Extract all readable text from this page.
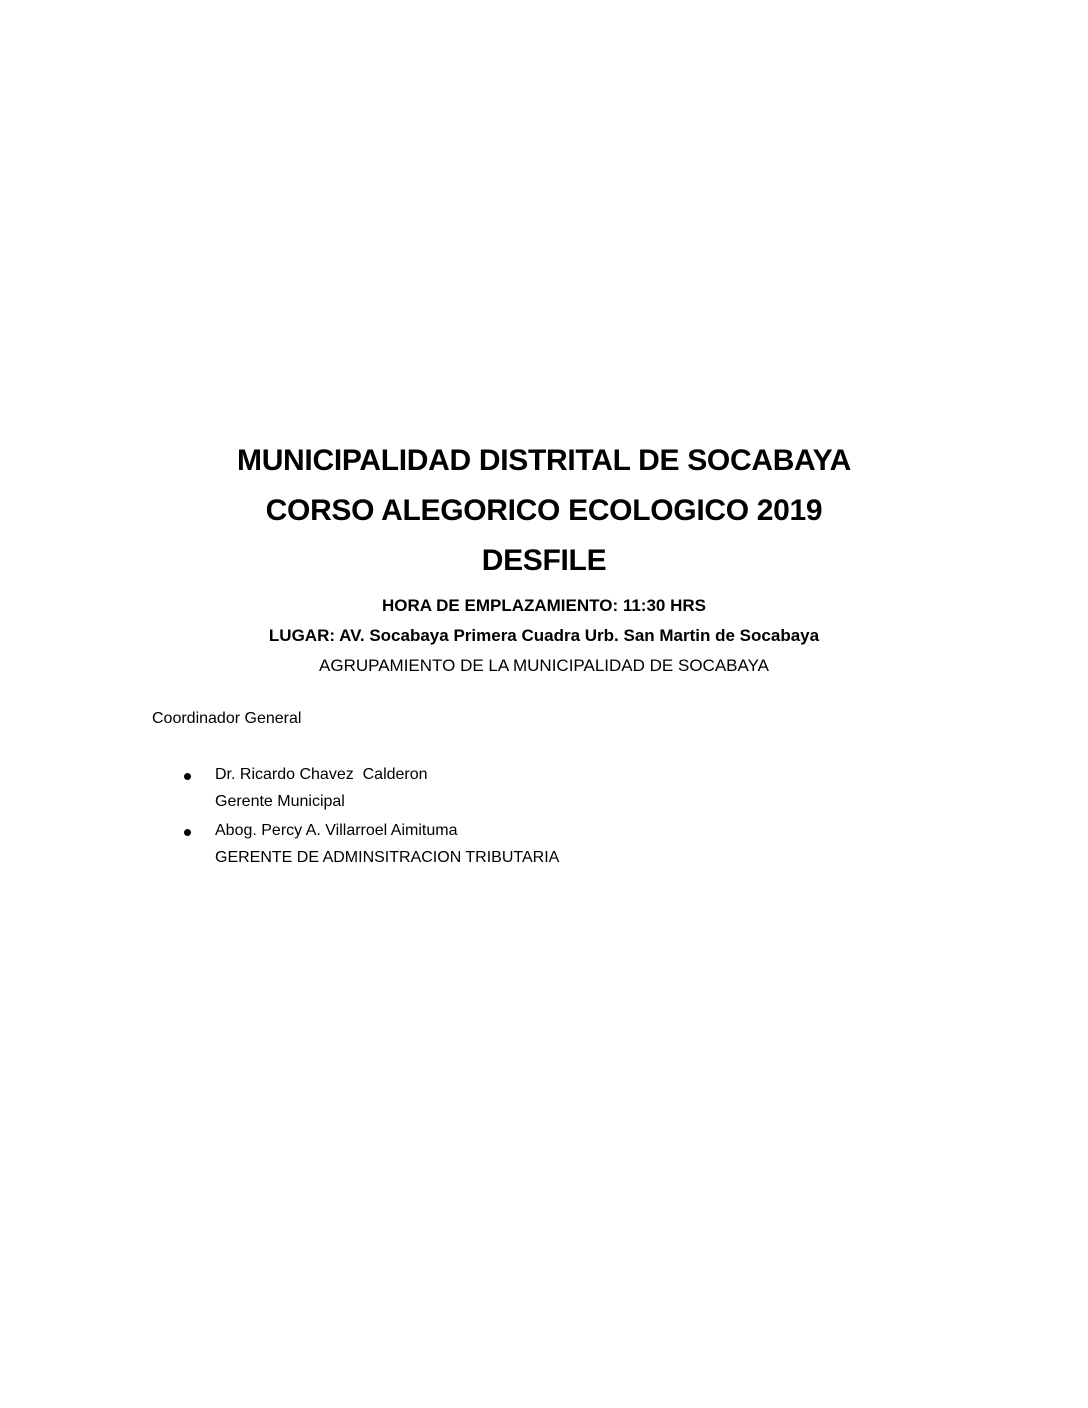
MUNICIPALIDAD DISTRITAL DE SOCABAYA
CORSO ALEGORICO ECOLOGICO 2019
DESFILE
HORA DE EMPLAZAMIENTO: 11:30 HRS
LUGAR: AV. Socabaya Primera Cuadra Urb. San Martin de Socabaya
AGRUPAMIENTO DE LA MUNICIPALIDAD DE SOCABAYA
Coordinador General
Dr. Ricardo Chavez  Calderon
Gerente Municipal
Abog. Percy A. Villarroel Aimituma
GERENTE DE ADMINSITRACION TRIBUTARIA
